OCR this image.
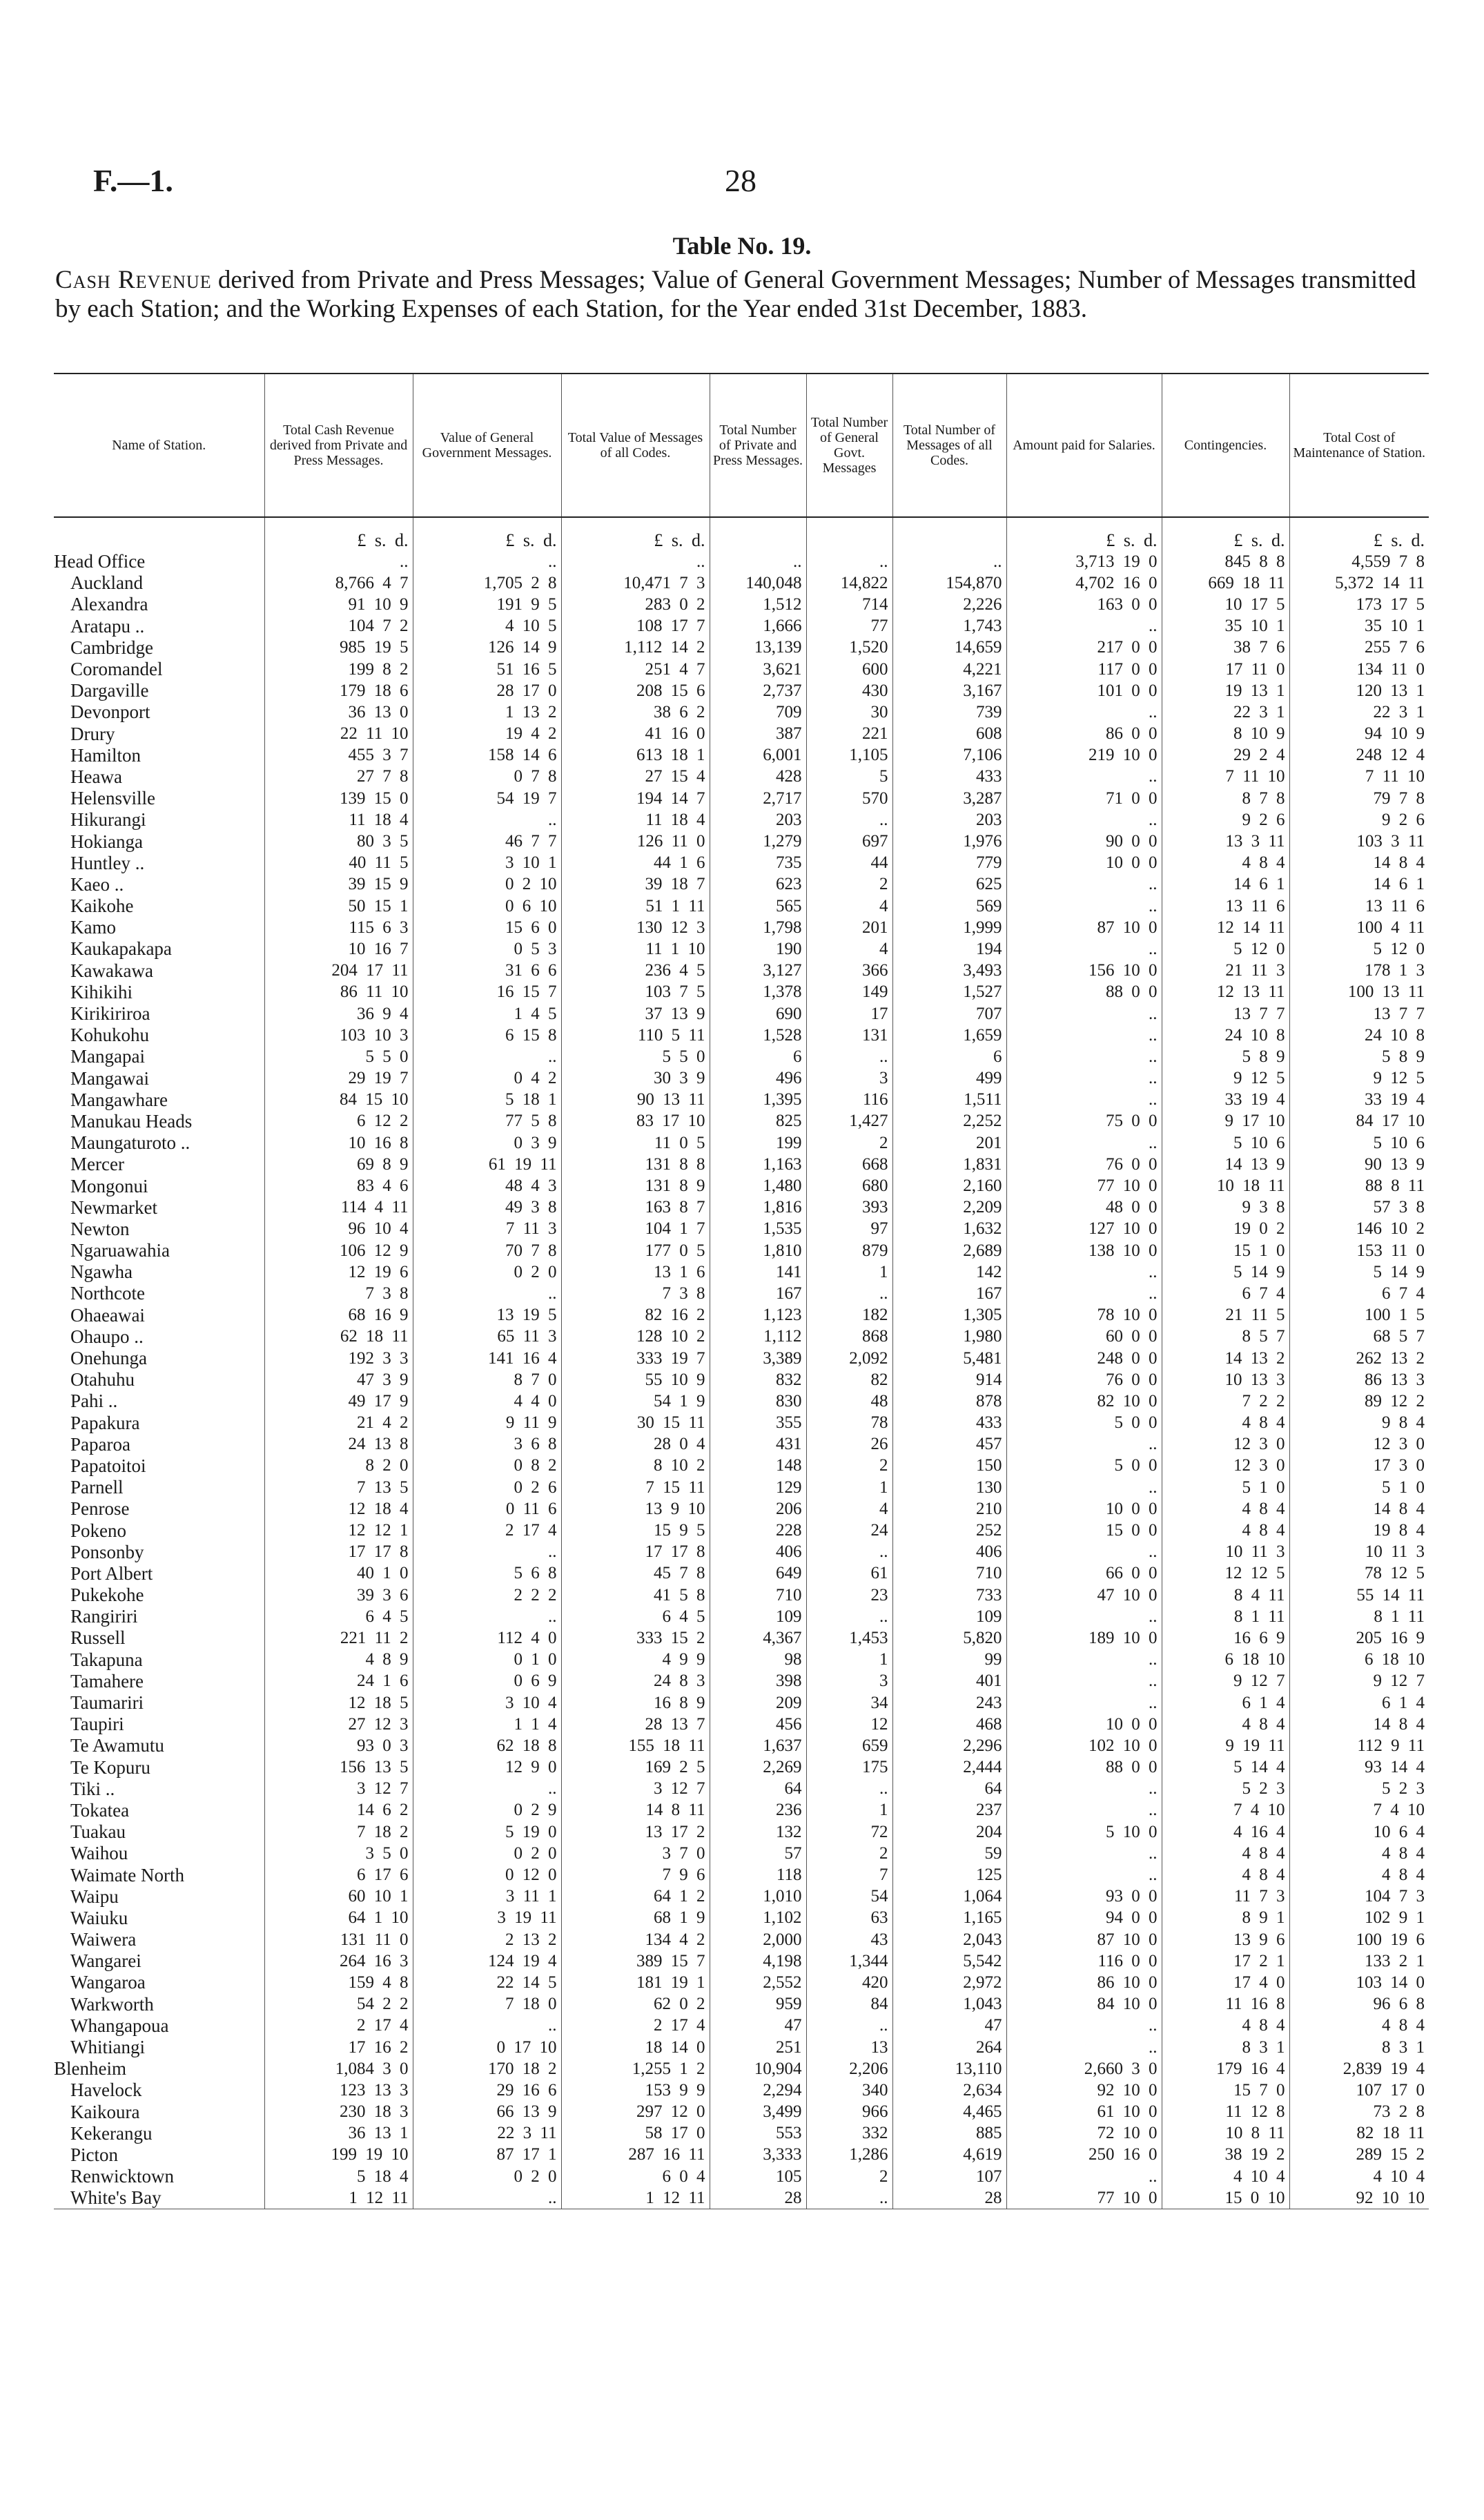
F.—1.	28
Table No. 19.
Cash Revenue derived from Private and Press Messages; Value of General Government Messages; Number of Messages transmitted by each Station; and the Working Expenses of each Station, for the Year ended 31st December, 1883.
Name of Station.	Total Cash Revenue derived from Private and Press Messages.	Value of General Government Messages.	Total Value of Messages of all Codes.	Total Number of Private and Press Messages.	Total Number of General Govt. Messages	Total Number of Messages of all Codes.	Amount paid for Salaries.	Contingencies.	Total Cost of Maintenance of Station.
	£ s. d.	£ s. d.	£ s. d.				£ s. d.	£ s. d.	£ s. d.
Head Office	..	..	..	..	..	..	3,713 19 0	845 8 8	4,559 7 8
Auckland	8,766 4 7	1,705 2 8	10,471 7 3	140,048	14,822	154,870	4,702 16 0	669 18 11	5,372 14 11
Alexandra	91 10 9	191 9 5	283 0 2	1,512	714	2,226	163 0 0	10 17 5	173 17 5
Aratapu ..	104 7 2	4 10 5	108 17 7	1,666	77	1,743	..	35 10 1	35 10 1
Cambridge	985 19 5	126 14 9	1,112 14 2	13,139	1,520	14,659	217 0 0	38 7 6	255 7 6
Coromandel	199 8 2	51 16 5	251 4 7	3,621	600	4,221	117 0 0	17 11 0	134 11 0
Dargaville	179 18 6	28 17 0	208 15 6	2,737	430	3,167	101 0 0	19 13 1	120 13 1
Devonport	36 13 0	1 13 2	38 6 2	709	30	739	..	22 3 1	22 3 1
Drury	22 11 10	19 4 2	41 16 0	387	221	608	86 0 0	8 10 9	94 10 9
Hamilton	455 3 7	158 14 6	613 18 1	6,001	1,105	7,106	219 10 0	29 2 4	248 12 4
Heawa	27 7 8	0 7 8	27 15 4	428	5	433	..	7 11 10	7 11 10
Helensville	139 15 0	54 19 7	194 14 7	2,717	570	3,287	71 0 0	8 7 8	79 7 8
Hikurangi	11 18 4	..	11 18 4	203	..	203	..	9 2 6	9 2 6
Hokianga	80 3 5	46 7 7	126 11 0	1,279	697	1,976	90 0 0	13 3 11	103 3 11
Huntley ..	40 11 5	3 10 1	44 1 6	735	44	779	10 0 0	4 8 4	14 8 4
Kaeo ..	39 15 9	0 2 10	39 18 7	623	2	625	..	14 6 1	14 6 1
Kaikohe	50 15 1	0 6 10	51 1 11	565	4	569	..	13 11 6	13 11 6
Kamo	115 6 3	15 6 0	130 12 3	1,798	201	1,999	87 10 0	12 14 11	100 4 11
Kaukapakapa	10 16 7	0 5 3	11 1 10	190	4	194	..	5 12 0	5 12 0
Kawakawa	204 17 11	31 6 6	236 4 5	3,127	366	3,493	156 10 0	21 11 3	178 1 3
Kihikihi	86 11 10	16 15 7	103 7 5	1,378	149	1,527	88 0 0	12 13 11	100 13 11
Kirikiriroa	36 9 4	1 4 5	37 13 9	690	17	707	..	13 7 7	13 7 7
Kohukohu	103 10 3	6 15 8	110 5 11	1,528	131	1,659	..	24 10 8	24 10 8
Mangapai	5 5 0	..	5 5 0	6	..	6	..	5 8 9	5 8 9
Mangawai	29 19 7	0 4 2	30 3 9	496	3	499	..	9 12 5	9 12 5
Mangawhare	84 15 10	5 18 1	90 13 11	1,395	116	1,511	..	33 19 4	33 19 4
Manukau Heads	6 12 2	77 5 8	83 17 10	825	1,427	2,252	75 0 0	9 17 10	84 17 10
Maungaturoto ..	10 16 8	0 3 9	11 0 5	199	2	201	..	5 10 6	5 10 6
Mercer	69 8 9	61 19 11	131 8 8	1,163	668	1,831	76 0 0	14 13 9	90 13 9
Mongonui	83 4 6	48 4 3	131 8 9	1,480	680	2,160	77 10 0	10 18 11	88 8 11
Newmarket	114 4 11	49 3 8	163 8 7	1,816	393	2,209	48 0 0	9 3 8	57 3 8
Newton	96 10 4	7 11 3	104 1 7	1,535	97	1,632	127 10 0	19 0 2	146 10 2
Ngaruawahia	106 12 9	70 7 8	177 0 5	1,810	879	2,689	138 10 0	15 1 0	153 11 0
Ngawha	12 19 6	0 2 0	13 1 6	141	1	142	..	5 14 9	5 14 9
Northcote	7 3 8	..	7 3 8	167	..	167	..	6 7 4	6 7 4
Ohaeawai	68 16 9	13 19 5	82 16 2	1,123	182	1,305	78 10 0	21 11 5	100 1 5
Ohaupo ..	62 18 11	65 11 3	128 10 2	1,112	868	1,980	60 0 0	8 5 7	68 5 7
Onehunga	192 3 3	141 16 4	333 19 7	3,389	2,092	5,481	248 0 0	14 13 2	262 13 2
Otahuhu	47 3 9	8 7 0	55 10 9	832	82	914	76 0 0	10 13 3	86 13 3
Pahi ..	49 17 9	4 4 0	54 1 9	830	48	878	82 10 0	7 2 2	89 12 2
Papakura	21 4 2	9 11 9	30 15 11	355	78	433	5 0 0	4 8 4	9 8 4
Paparoa	24 13 8	3 6 8	28 0 4	431	26	457	..	12 3 0	12 3 0
Papatoitoi	8 2 0	0 8 2	8 10 2	148	2	150	5 0 0	12 3 0	17 3 0
Parnell	7 13 5	0 2 6	7 15 11	129	1	130	..	5 1 0	5 1 0
Penrose	12 18 4	0 11 6	13 9 10	206	4	210	10 0 0	4 8 4	14 8 4
Pokeno	12 12 1	2 17 4	15 9 5	228	24	252	15 0 0	4 8 4	19 8 4
Ponsonby	17 17 8	..	17 17 8	406	..	406	..	10 11 3	10 11 3
Port Albert	40 1 0	5 6 8	45 7 8	649	61	710	66 0 0	12 12 5	78 12 5
Pukekohe	39 3 6	2 2 2	41 5 8	710	23	733	47 10 0	8 4 11	55 14 11
Rangiriri	6 4 5	..	6 4 5	109	..	109	..	8 1 11	8 1 11
Russell	221 11 2	112 4 0	333 15 2	4,367	1,453	5,820	189 10 0	16 6 9	205 16 9
Takapuna	4 8 9	0 1 0	4 9 9	98	1	99	..	6 18 10	6 18 10
Tamahere	24 1 6	0 6 9	24 8 3	398	3	401	..	9 12 7	9 12 7
Taumariri	12 18 5	3 10 4	16 8 9	209	34	243	..	6 1 4	6 1 4
Taupiri	27 12 3	1 1 4	28 13 7	456	12	468	10 0 0	4 8 4	14 8 4
Te Awamutu	93 0 3	62 18 8	155 18 11	1,637	659	2,296	102 10 0	9 19 11	112 9 11
Te Kopuru	156 13 5	12 9 0	169 2 5	2,269	175	2,444	88 0 0	5 14 4	93 14 4
Tiki ..	3 12 7	..	3 12 7	64	..	64	..	5 2 3	5 2 3
Tokatea	14 6 2	0 2 9	14 8 11	236	1	237	..	7 4 10	7 4 10
Tuakau	7 18 2	5 19 0	13 17 2	132	72	204	5 10 0	4 16 4	10 6 4
Waihou	3 5 0	0 2 0	3 7 0	57	2	59	..	4 8 4	4 8 4
Waimate North	6 17 6	0 12 0	7 9 6	118	7	125	..	4 8 4	4 8 4
Waipu	60 10 1	3 11 1	64 1 2	1,010	54	1,064	93 0 0	11 7 3	104 7 3
Waiuku	64 1 10	3 19 11	68 1 9	1,102	63	1,165	94 0 0	8 9 1	102 9 1
Waiwera	131 11 0	2 13 2	134 4 2	2,000	43	2,043	87 10 0	13 9 6	100 19 6
Wangarei	264 16 3	124 19 4	389 15 7	4,198	1,344	5,542	116 0 0	17 2 1	133 2 1
Wangaroa	159 4 8	22 14 5	181 19 1	2,552	420	2,972	86 10 0	17 4 0	103 14 0
Warkworth	54 2 2	7 18 0	62 0 2	959	84	1,043	84 10 0	11 16 8	96 6 8
Whangapoua	2 17 4	..	2 17 4	47	..	47	..	4 8 4	4 8 4
Whitiangi	17 16 2	0 17 10	18 14 0	251	13	264	..	8 3 1	8 3 1
Blenheim	1,084 3 0	170 18 2	1,255 1 2	10,904	2,206	13,110	2,660 3 0	179 16 4	2,839 19 4
Havelock	123 13 3	29 16 6	153 9 9	2,294	340	2,634	92 10 0	15 7 0	107 17 0
Kaikoura	230 18 3	66 13 9	297 12 0	3,499	966	4,465	61 10 0	11 12 8	73 2 8
Kekerangu	36 13 1	22 3 11	58 17 0	553	332	885	72 10 0	10 8 11	82 18 11
Picton	199 19 10	87 17 1	287 16 11	3,333	1,286	4,619	250 16 0	38 19 2	289 15 2
Renwicktown	5 18 4	0 2 0	6 0 4	105	2	107	..	4 10 4	4 10 4
White's Bay	1 12 11	..	1 12 11	28	..	28	77 10 0	15 0 10	92 10 10
